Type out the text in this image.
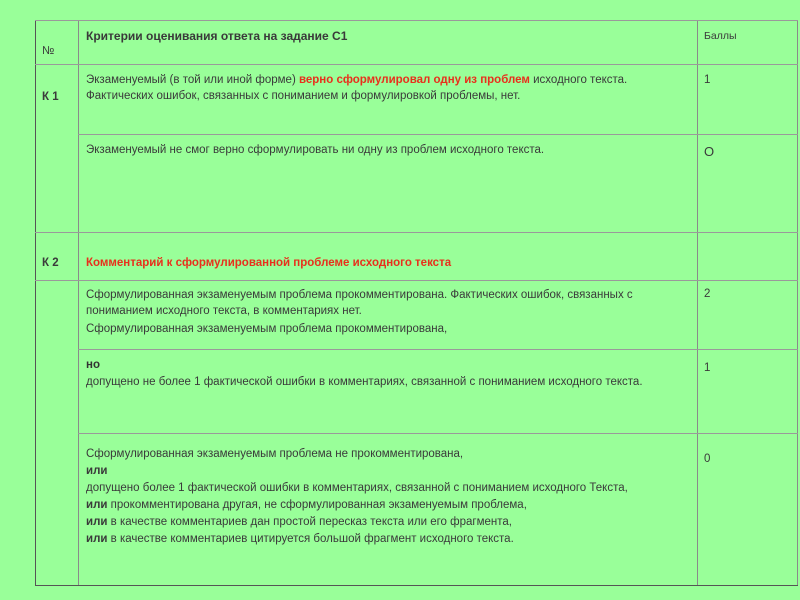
№
Критерии оценивания ответа на задание С1	Баллы
К 1
Экзаменуемый (в той или иной форме) верно сформулировал одну из проблем исходного текста. Фактических ошибок, связанных с пониманием и формулировкой проблемы, нет.
1
Экзаменуемый не смог верно сформулировать ни одну из проблем исходного текста.	О
К 2 Комментарий к сформулированной проблеме исходного текста

Сформулированная экзаменуемым проблема прокомментирована. Фактических ошибок, связанных с пониманием исходного текста, в комментариях нет.

Сформулированная экзаменуемым проблема прокомментирована,

2

но

допущено не более 1 фактической ошибки в комментариях, связанной с пониманием исходного текста.

1

Сформулированная экзаменуемым проблема не прокомментирована,

или

допущено более 1 фактической ошибки в комментариях, связанной с пониманием исходного Текста,

или прокомментирована другая, не сформулированная экзаменуемым проблема,

или в качестве комментариев дан простой пересказ текста или его фрагмента,

или в качестве комментариев цитируется большой фрагмент исходного текста.

0
